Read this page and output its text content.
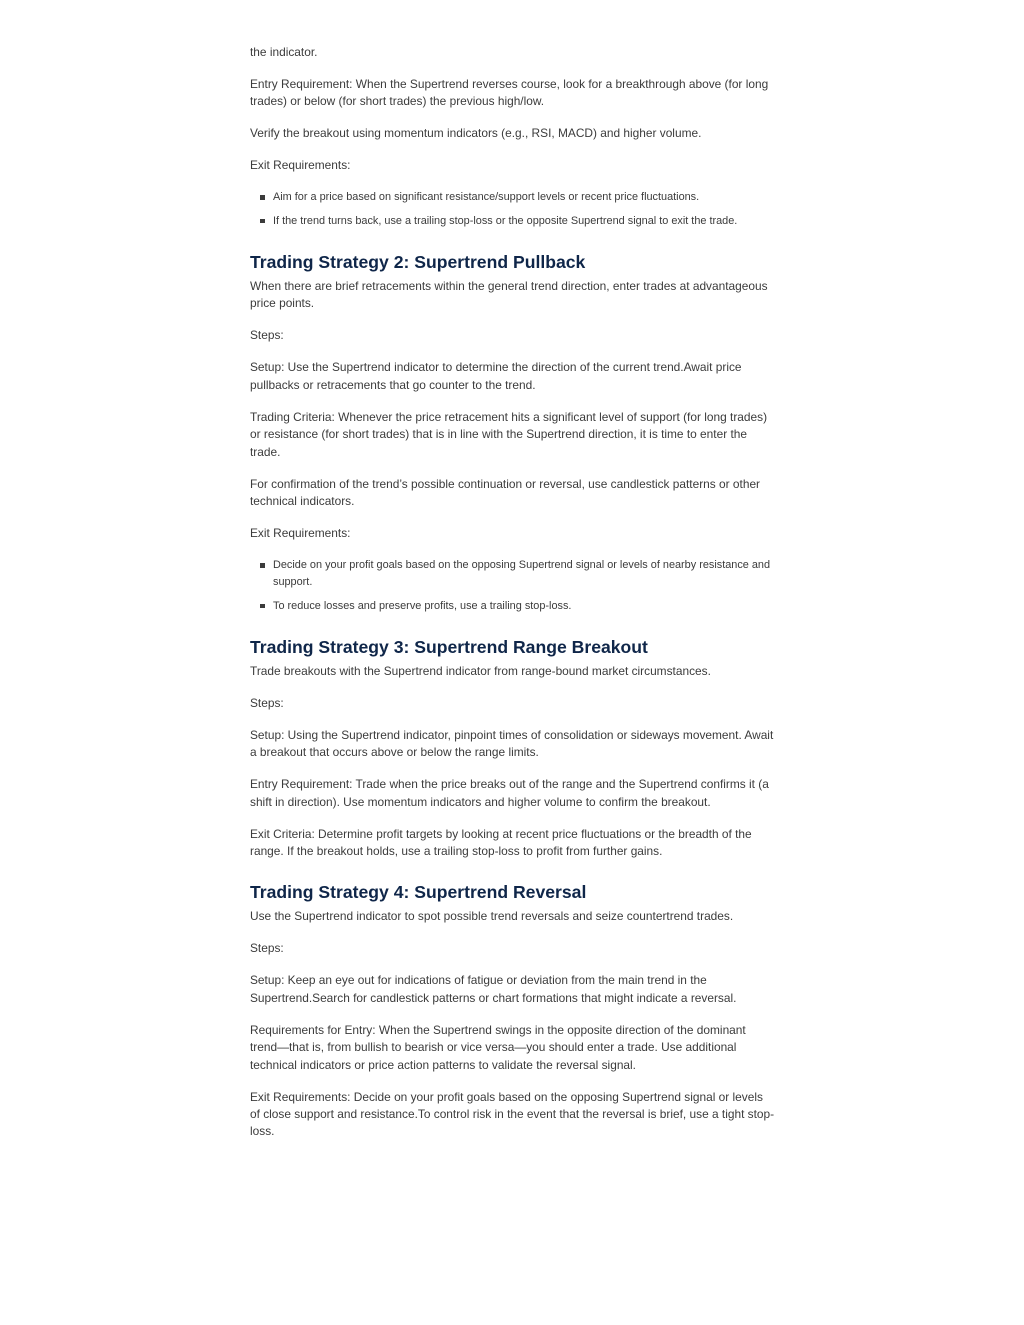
the indicator.

Entry Requirement: When the Supertrend reverses course, look for a breakthrough above (for long trades) or below (for short trades) the previous high/low.

Verify the breakout using momentum indicators (e.g., RSI, MACD) and higher volume.

Exit Requirements:

Aim for a price based on significant resistance/support levels or recent price fluctuations.
If the trend turns back, use a trailing stop-loss or the opposite Supertrend signal to exit the trade.
Trading Strategy 2: Supertrend Pullback

When there are brief retracements within the general trend direction, enter trades at advantageous price points.

Steps:

Setup: Use the Supertrend indicator to determine the direction of the current trend.Await price pullbacks or retracements that go counter to the trend.

Trading Criteria: Whenever the price retracement hits a significant level of support (for long trades) or resistance (for short trades) that is in line with the Supertrend direction, it is time to enter the trade.

For confirmation of the trend’s possible continuation or reversal, use candlestick patterns or other technical indicators.

Exit Requirements:

Decide on your profit goals based on the opposing Supertrend signal or levels of nearby resistance and support.
To reduce losses and preserve profits, use a trailing stop-loss.
Trading Strategy 3: Supertrend Range Breakout

Trade breakouts with the Supertrend indicator from range-bound market circumstances.

Steps:

Setup: Using the Supertrend indicator, pinpoint times of consolidation or sideways movement. Await a breakout that occurs above or below the range limits.

Entry Requirement: Trade when the price breaks out of the range and the Supertrend confirms it (a shift in direction). Use momentum indicators and higher volume to confirm the breakout.

Exit Criteria: Determine profit targets by looking at recent price fluctuations or the breadth of the range. If the breakout holds, use a trailing stop-loss to profit from further gains.

Trading Strategy 4: Supertrend Reversal

Use the Supertrend indicator to spot possible trend reversals and seize countertrend trades.

Steps:

Setup: Keep an eye out for indications of fatigue or deviation from the main trend in the Supertrend.Search for candlestick patterns or chart formations that might indicate a reversal.

Requirements for Entry: When the Supertrend swings in the opposite direction of the dominant trend—that is, from bullish to bearish or vice versa—you should enter a trade. Use additional technical indicators or price action patterns to validate the reversal signal.

Exit Requirements: Decide on your profit goals based on the opposing Supertrend signal or levels of close support and resistance.To control risk in the event that the reversal is brief, use a tight stop-loss.
